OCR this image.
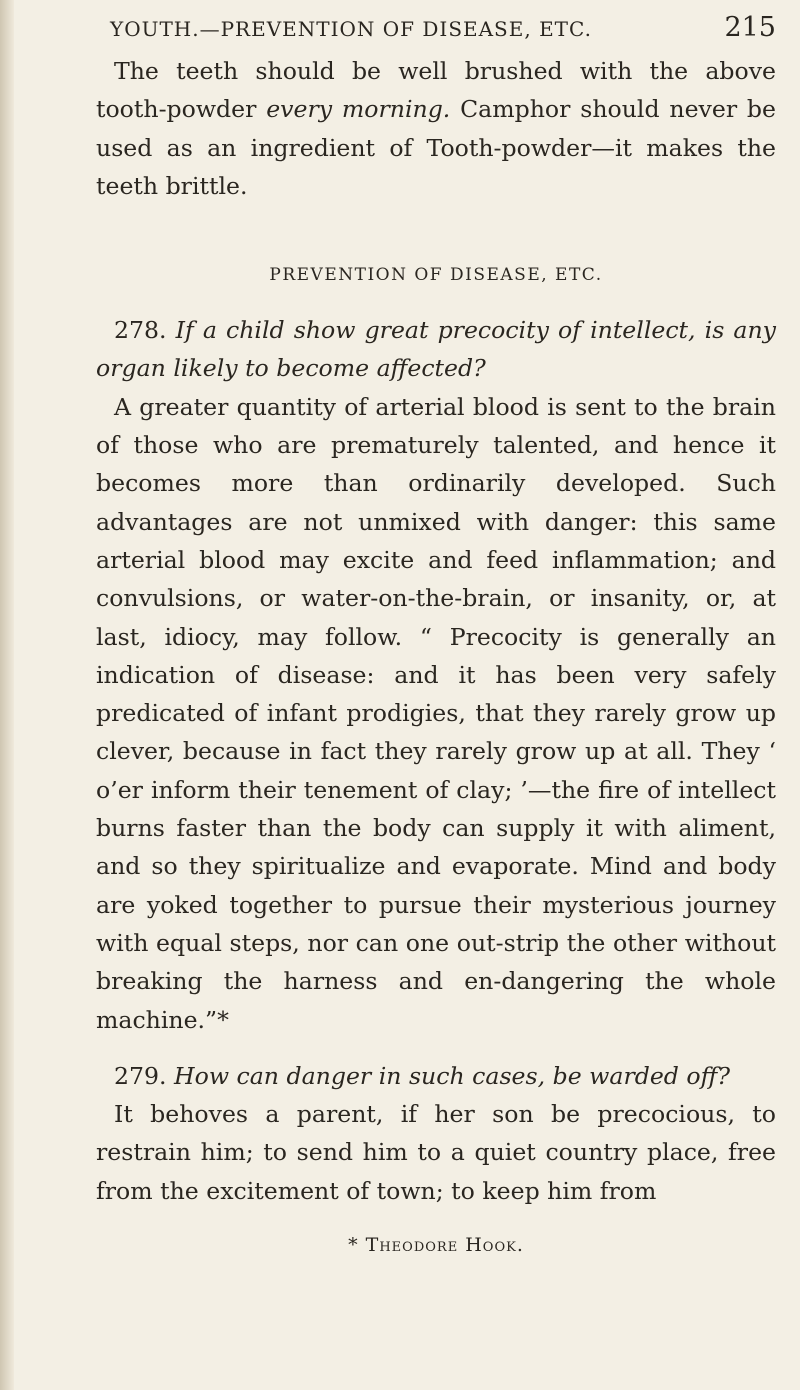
YOUTH.—PREVENTION OF DISEASE, ETC.	215

The teeth should be well brushed with the above tooth-powder every morning. Camphor should never be used as an ingredient of Tooth-powder—it makes the teeth brittle.

PREVENTION OF DISEASE, ETC.

278. If a child show great precocity of intellect, is any organ likely to become affected?

A greater quantity of arterial blood is sent to the brain of those who are prematurely talented, and hence it becomes more than ordinarily developed. Such advantages are not unmixed with danger: this same arterial blood may excite and feed inflammation; and convulsions, or water-on-the-brain, or insanity, or, at last, idiocy, may follow. “ Precocity is generally an indication of disease: and it has been very safely predicated of infant prodigies, that they rarely grow up clever, because in fact they rarely grow up at all. They ‘ o’er inform their tenement of clay; ’—the fire of intellect burns faster than the body can supply it with aliment, and so they spiritualize and evaporate. Mind and body are yoked together to pursue their mysterious journey with equal steps, nor can one out-strip the other without breaking the harness and en-dangering the whole machine.”*

279. How can danger in such cases, be warded off?

It behoves a parent, if her son be precocious, to restrain him; to send him to a quiet country place, free from the excitement of town; to keep him from

* Theodore Hook.
